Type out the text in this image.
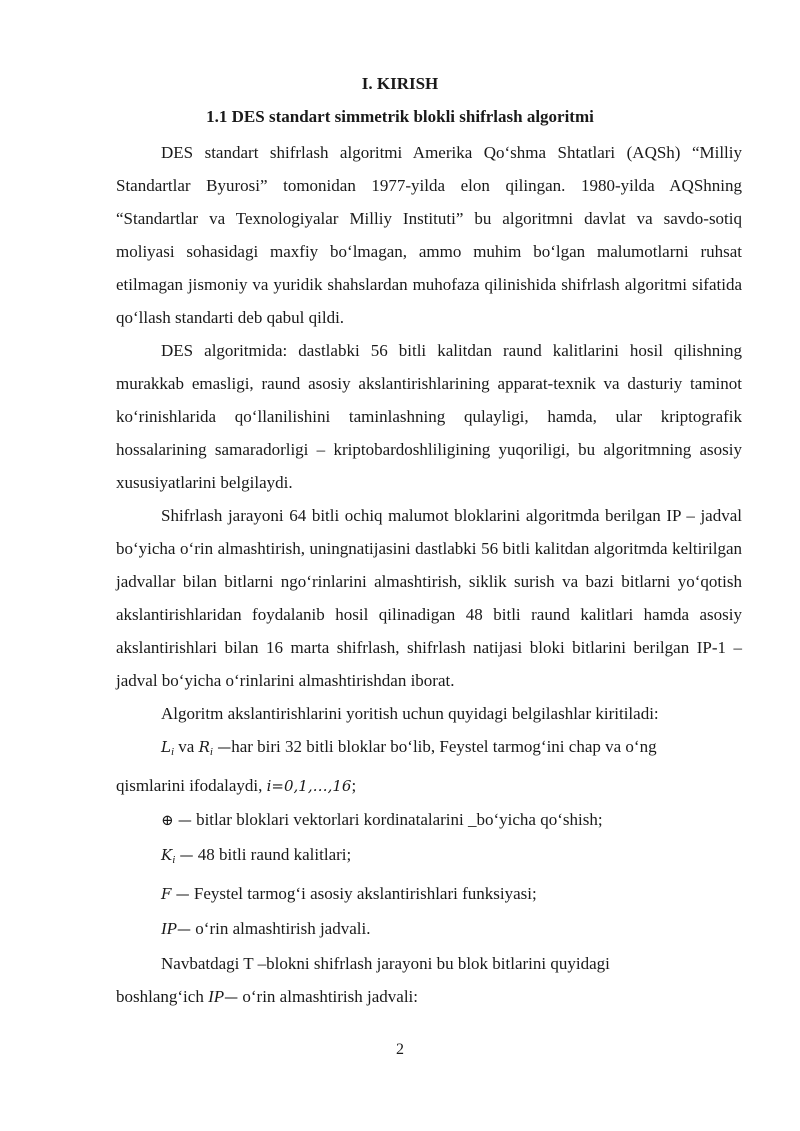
I. KIRISH
1.1 DES standart simmetrik blokli shifrlash algoritmi

DES standart shifrlash algoritmi Amerika Qo‘shma Shtatlari (AQSh) “Milliy Standartlar Byurosi” tomonidan 1977-yilda elon qilingan. 1980-yilda AQShning “Standartlar va Texnologiyalar Milliy Instituti” bu algoritmni davlat va savdo-sotiq moliyasi sohasidagi maxfiy bo‘lmagan, ammo muhim bo‘lgan malumotlarni ruhsat etilmagan jismoniy va yuridik shahslardan muhofaza qilinishida shifrlash algoritmi sifatida qo‘llash standarti deb qabul qildi.

DES algoritmida: dastlabki 56 bitli kalitdan raund kalitlarini hosil qilishning murakkab emasligi, raund asosiy akslantirishlarining apparat-texnik va dasturiy taminot ko‘rinishlarida qo‘llanilishini taminlashning qulayligi, hamda, ular kriptografik hossalarining samaradorligi – kriptobardoshliligining yuqoriligi, bu algoritmning asosiy xususiyatlarini belgilaydi.

Shifrlash jarayoni 64 bitli ochiq malumot bloklarini algoritmda berilgan IP – jadval bo‘yicha o‘rin almashtirish, uningnatijasini dastlabki 56 bitli kalitdan algoritmda keltirilgan jadvallar bilan bitlarni ngo‘rinlarini almashtirish, siklik surish va bazi bitlarni yo‘qotish akslantirishlaridan foydalanib hosil qilinadigan 48 bitli raund kalitlari hamda asosiy akslantirishlari bilan 16 marta shifrlash, shifrlash natijasi bloki bitlarini berilgan IP-1 –jadval bo‘yicha o‘rinlarini almashtirishdan iborat.

Algoritm akslantirishlarini yoritish uchun quyidagi belgilashlar kiritiladi:

$L_i$ va $R_i$ —har biri 32 bitli bloklar bo‘lib, Feystel tarmog‘ini chap va o‘ng

qismlarini ifodalaydi, i=0,1,…,16;

⊕ — bitlar bloklari vektorlari kordinatalarini _bo‘yicha qo‘shish;

$K_i$ — 48 bitli raund kalitlari;

F — Feystel tarmog‘i asosiy akslantirishlari funksiyasi;

IP— o‘rin almashtirish jadvali.

Navbatdagi T –blokni shifrlash jarayoni bu blok bitlarini quyidagi

boshlang‘ich IP— o‘rin almashtirish jadvali:

2
